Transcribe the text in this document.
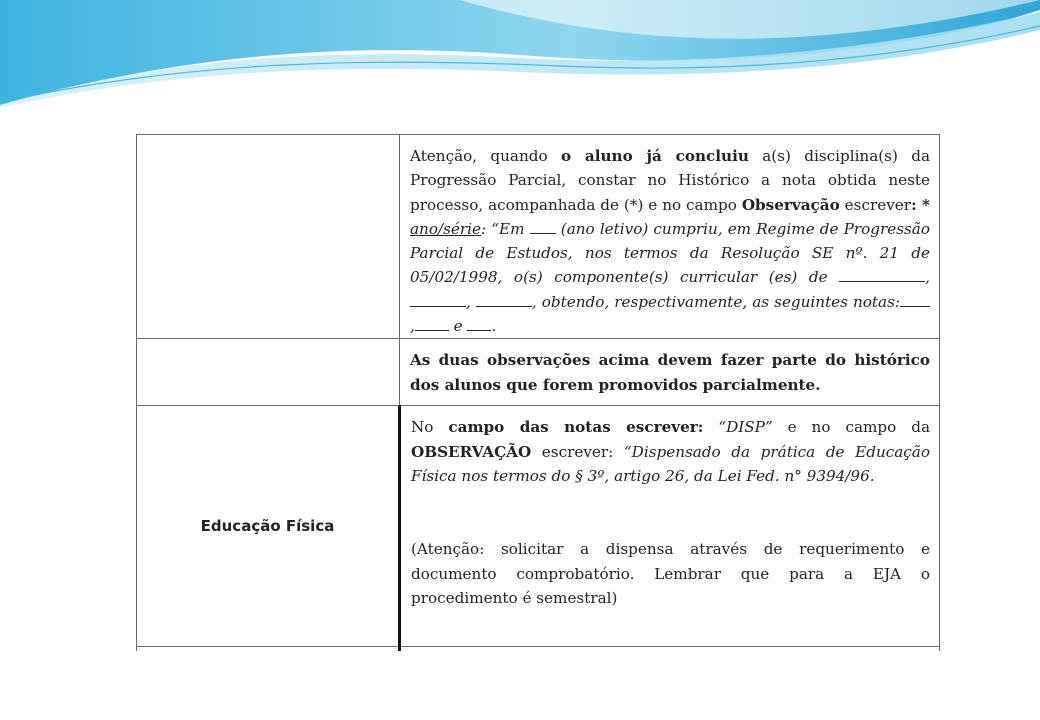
	Atenção, quando o aluno já concluiu a(s) disciplina(s) da Progressão Parcial, constar no Histórico a nota obtida neste processo, acompanhada de (*) e no campo Observação escrever: * ano/série: “Em  (ano letivo) cumpriu, em Regime de Progressão Parcial de Estudos, nos termos da Resolução SE nº. 21 de 05/02/1998, o(s) componente(s) curricular (es) de , , , obtendo, respectivamente, as seguintes notas: , e .

	As duas observações acima devem fazer parte do histórico dos alunos que forem promovidos parcialmente.

Educação Física	No campo das notas escrever: “DISP” e no campo da OBSERVAÇÃO escrever: “Dispensado da prática de Educação Física nos termos do § 3º, artigo 26, da Lei Fed. n° 9394/96.
(Atenção: solicitar a dispensa através de requerimento e documento comprobatório. Lembrar que para a EJA o procedimento é semestral)
